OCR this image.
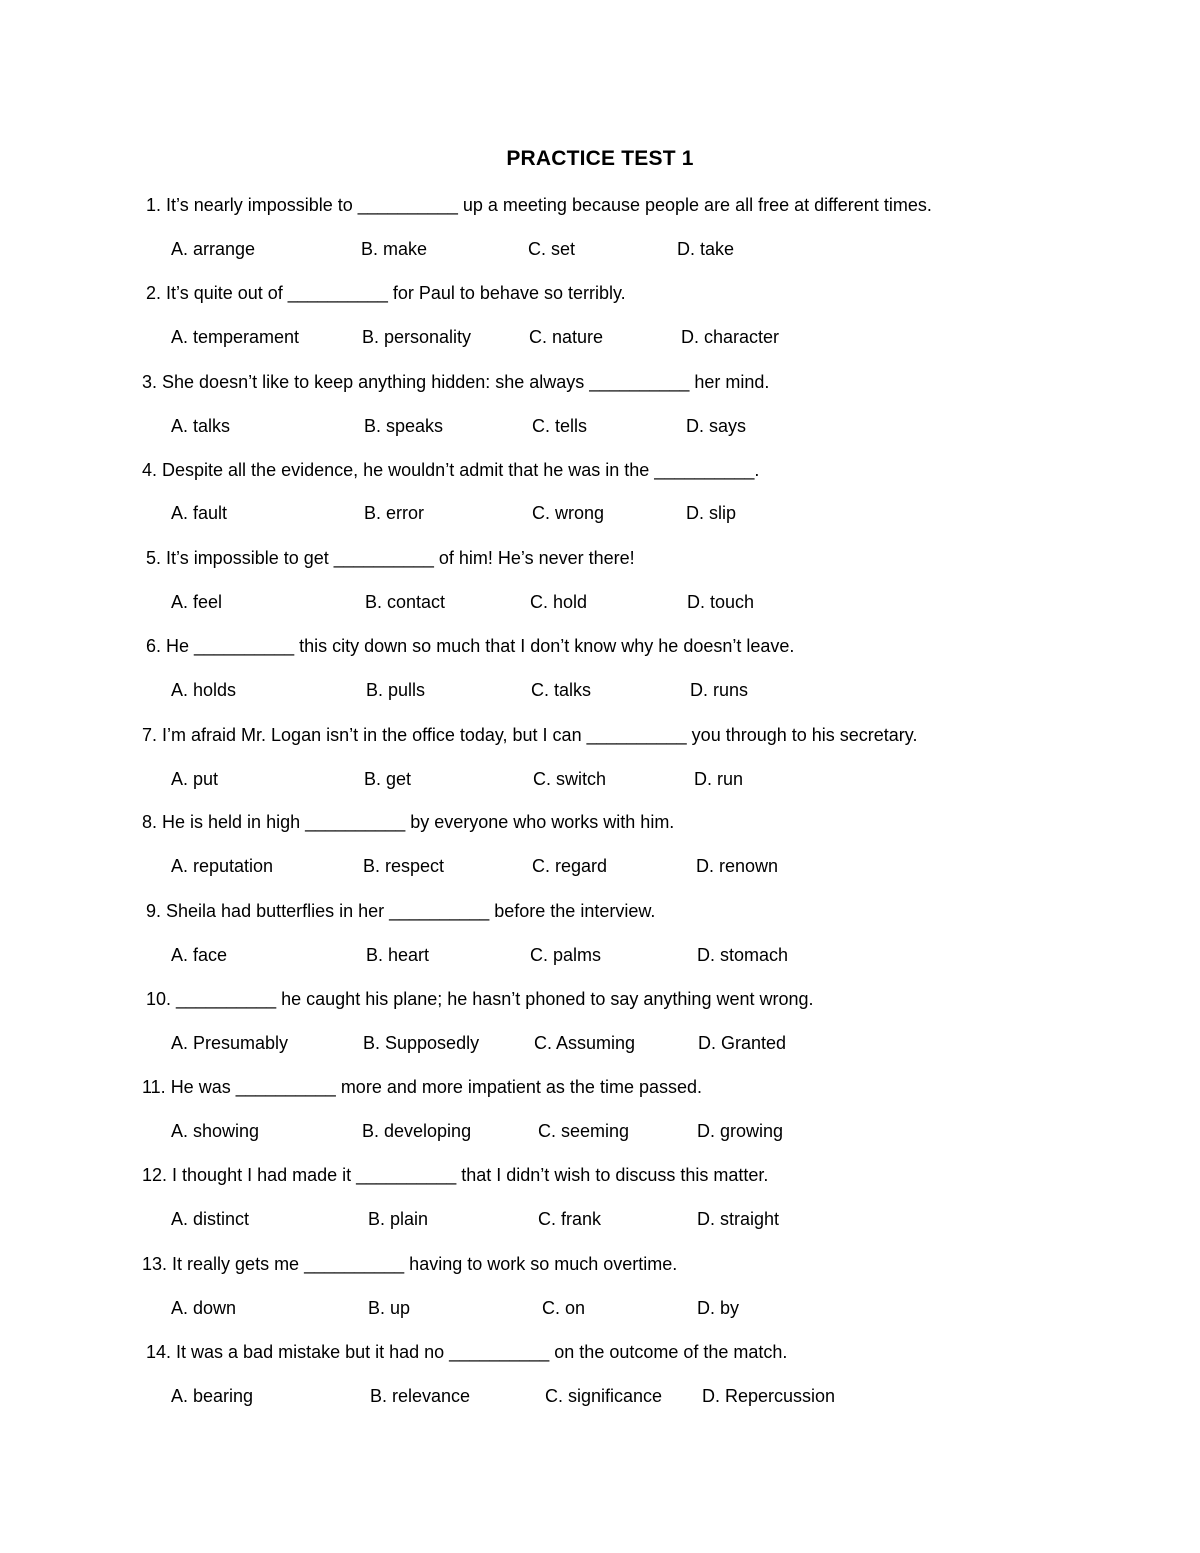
PRACTICE TEST 1
1. It’s nearly impossible to __________ up a meeting because people are all free at different times.
A. arrange	B. make	C. set	D. take
2. It’s quite out of __________ for Paul to behave so terribly.
A. temperament	B. personality	C. nature	D. character
3. She doesn’t like to keep anything hidden: she always __________ her mind.
A. talks	B. speaks	C. tells	D. says
4. Despite all the evidence, he wouldn’t admit that he was in the __________.
A. fault	B. error	C. wrong	D. slip
5. It’s impossible to get __________ of him! He’s never there!
A. feel	B. contact	C. hold	D. touch
6. He __________ this city down so much that I don’t know why he doesn’t leave.
A. holds	B. pulls	C. talks	D. runs
7. I’m afraid Mr. Logan isn’t in the office today, but I can __________ you through to his secretary.
A. put	B. get	C. switch	D. run
8. He is held in high __________ by everyone who works with him.
A. reputation	B. respect	C. regard	D. renown
9. Sheila had butterflies in her __________ before the interview.
A. face	B. heart	C. palms	D. stomach
10. __________ he caught his plane; he hasn’t phoned to say anything went wrong.
A. Presumably	B. Supposedly	C. Assuming	D. Granted
11. He was __________ more and more impatient as the time passed.
A. showing	B. developing	C. seeming	D. growing
12. I thought I had made it __________ that I didn’t wish to discuss this matter.
A. distinct	B. plain	C. frank	D. straight
13. It really gets me __________ having to work so much overtime.
A. down	B. up	C. on	D. by
14. It was a bad mistake but it had no __________ on the outcome of the match.
A. bearing	B. relevance	C. significance D. Repercussion
